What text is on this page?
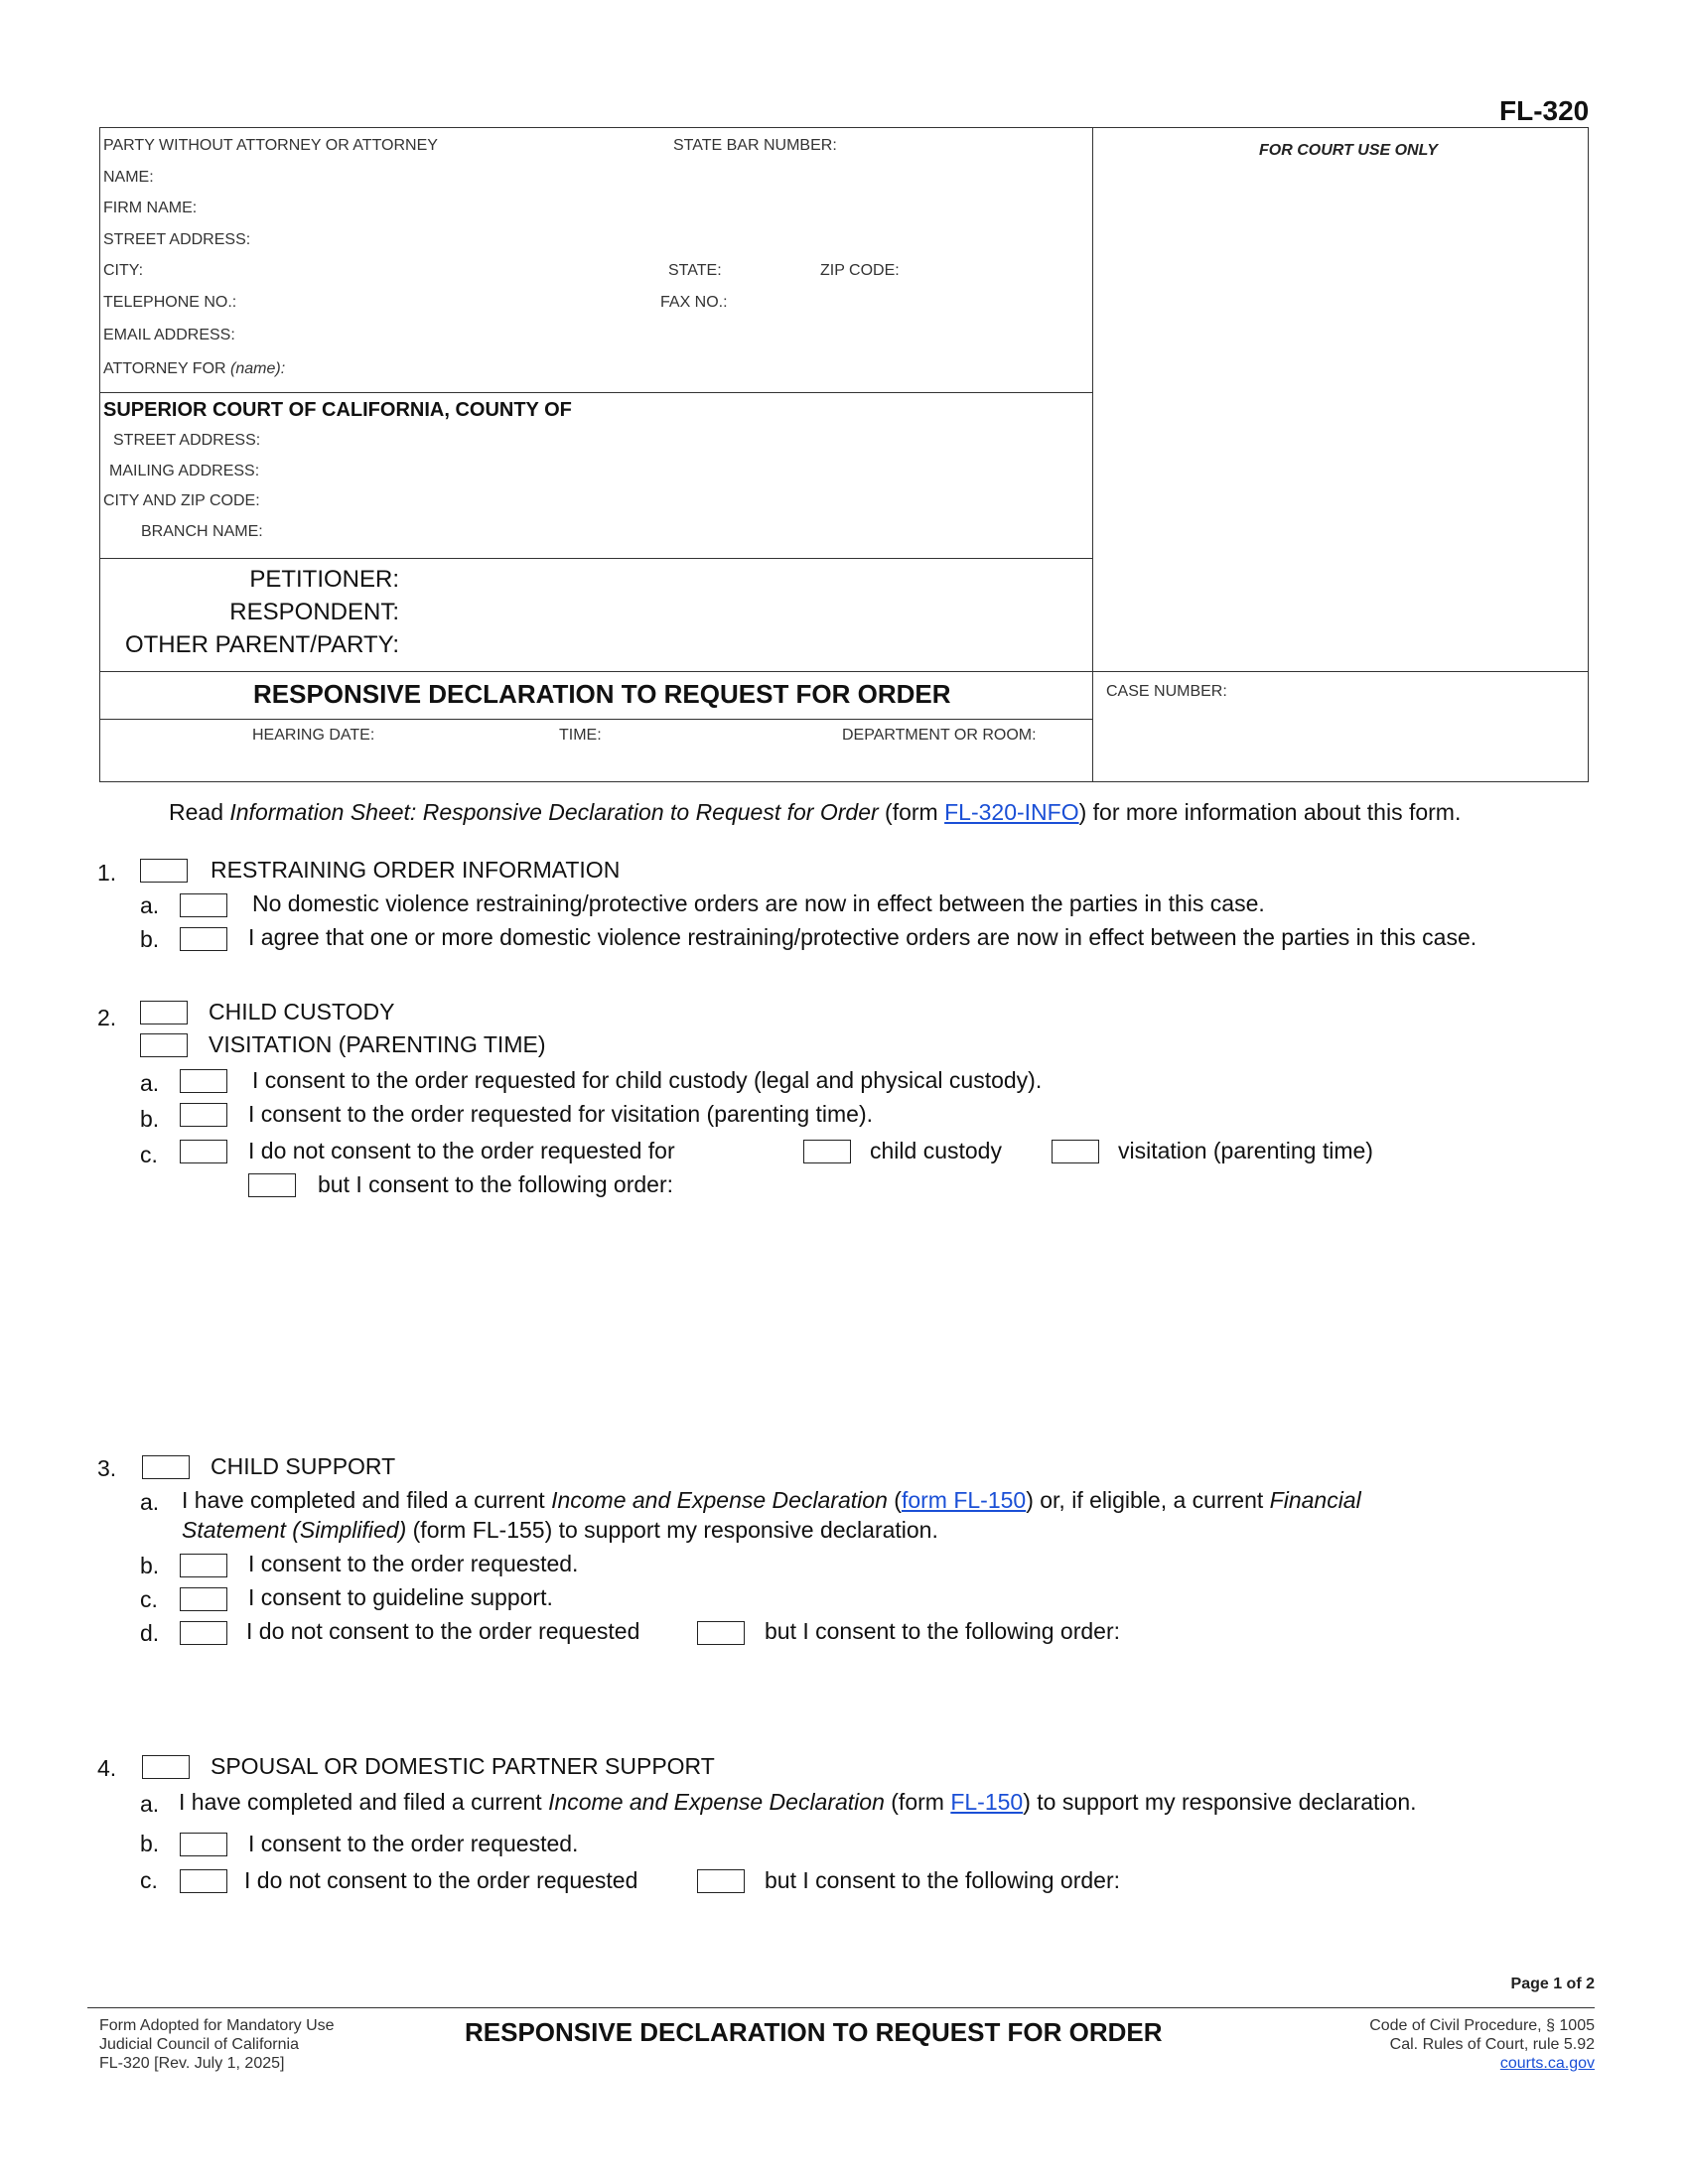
FL-320
PARTY WITHOUT ATTORNEY OR ATTORNEY	STATE BAR NUMBER:
NAME:
FIRM NAME:
STREET ADDRESS:
CITY:	STATE:	ZIP CODE:
TELEPHONE NO.:	FAX NO.:
EMAIL ADDRESS:
ATTORNEY FOR (name):
FOR COURT USE ONLY
SUPERIOR COURT OF CALIFORNIA, COUNTY OF
STREET ADDRESS:
MAILING ADDRESS:
CITY AND ZIP CODE:
BRANCH NAME:
PETITIONER:
RESPONDENT:
OTHER PARENT/PARTY:
RESPONSIVE DECLARATION TO REQUEST FOR ORDER	CASE NUMBER:
HEARING DATE:	TIME:	DEPARTMENT OR ROOM:
Read Information Sheet: Responsive Declaration to Request for Order (form FL-320-INFO) for more information about this form.
1.	RESTRAINING ORDER INFORMATION
a.	No domestic violence restraining/protective orders are now in effect between the parties in this case.
b.	I agree that one or more domestic violence restraining/protective orders are now in effect between the parties in this case.
2.	CHILD CUSTODY
VISITATION (PARENTING TIME)
a.	I consent to the order requested for child custody (legal and physical custody).
b.	I consent to the order requested for visitation (parenting time).
c.	I do not consent to the order requested for	child custody	visitation (parenting time)
but I consent to the following order:
3.	CHILD SUPPORT
a. I have completed and filed a current Income and Expense Declaration (form FL-150) or, if eligible, a current Financial
Statement (Simplified) (form FL-155) to support my responsive declaration.
b.	I consent to the order requested.
c.	I consent to guideline support.
d.	I do not consent to the order requested	but I consent to the following order:
4.	SPOUSAL OR DOMESTIC PARTNER SUPPORT
a. I have completed and filed a current Income and Expense Declaration (form FL-150) to support my responsive declaration.
b.	I consent to the order requested.
c.	I do not consent to the order requested	but I consent to the following order:
Page 1 of 2
Form Adopted for Mandatory Use
Judicial Council of California
FL-320 [Rev. July 1, 2025]
RESPONSIVE DECLARATION TO REQUEST FOR ORDER	Code of Civil Procedure, § 1005
Cal. Rules of Court, rule 5.92
courts.ca.gov
